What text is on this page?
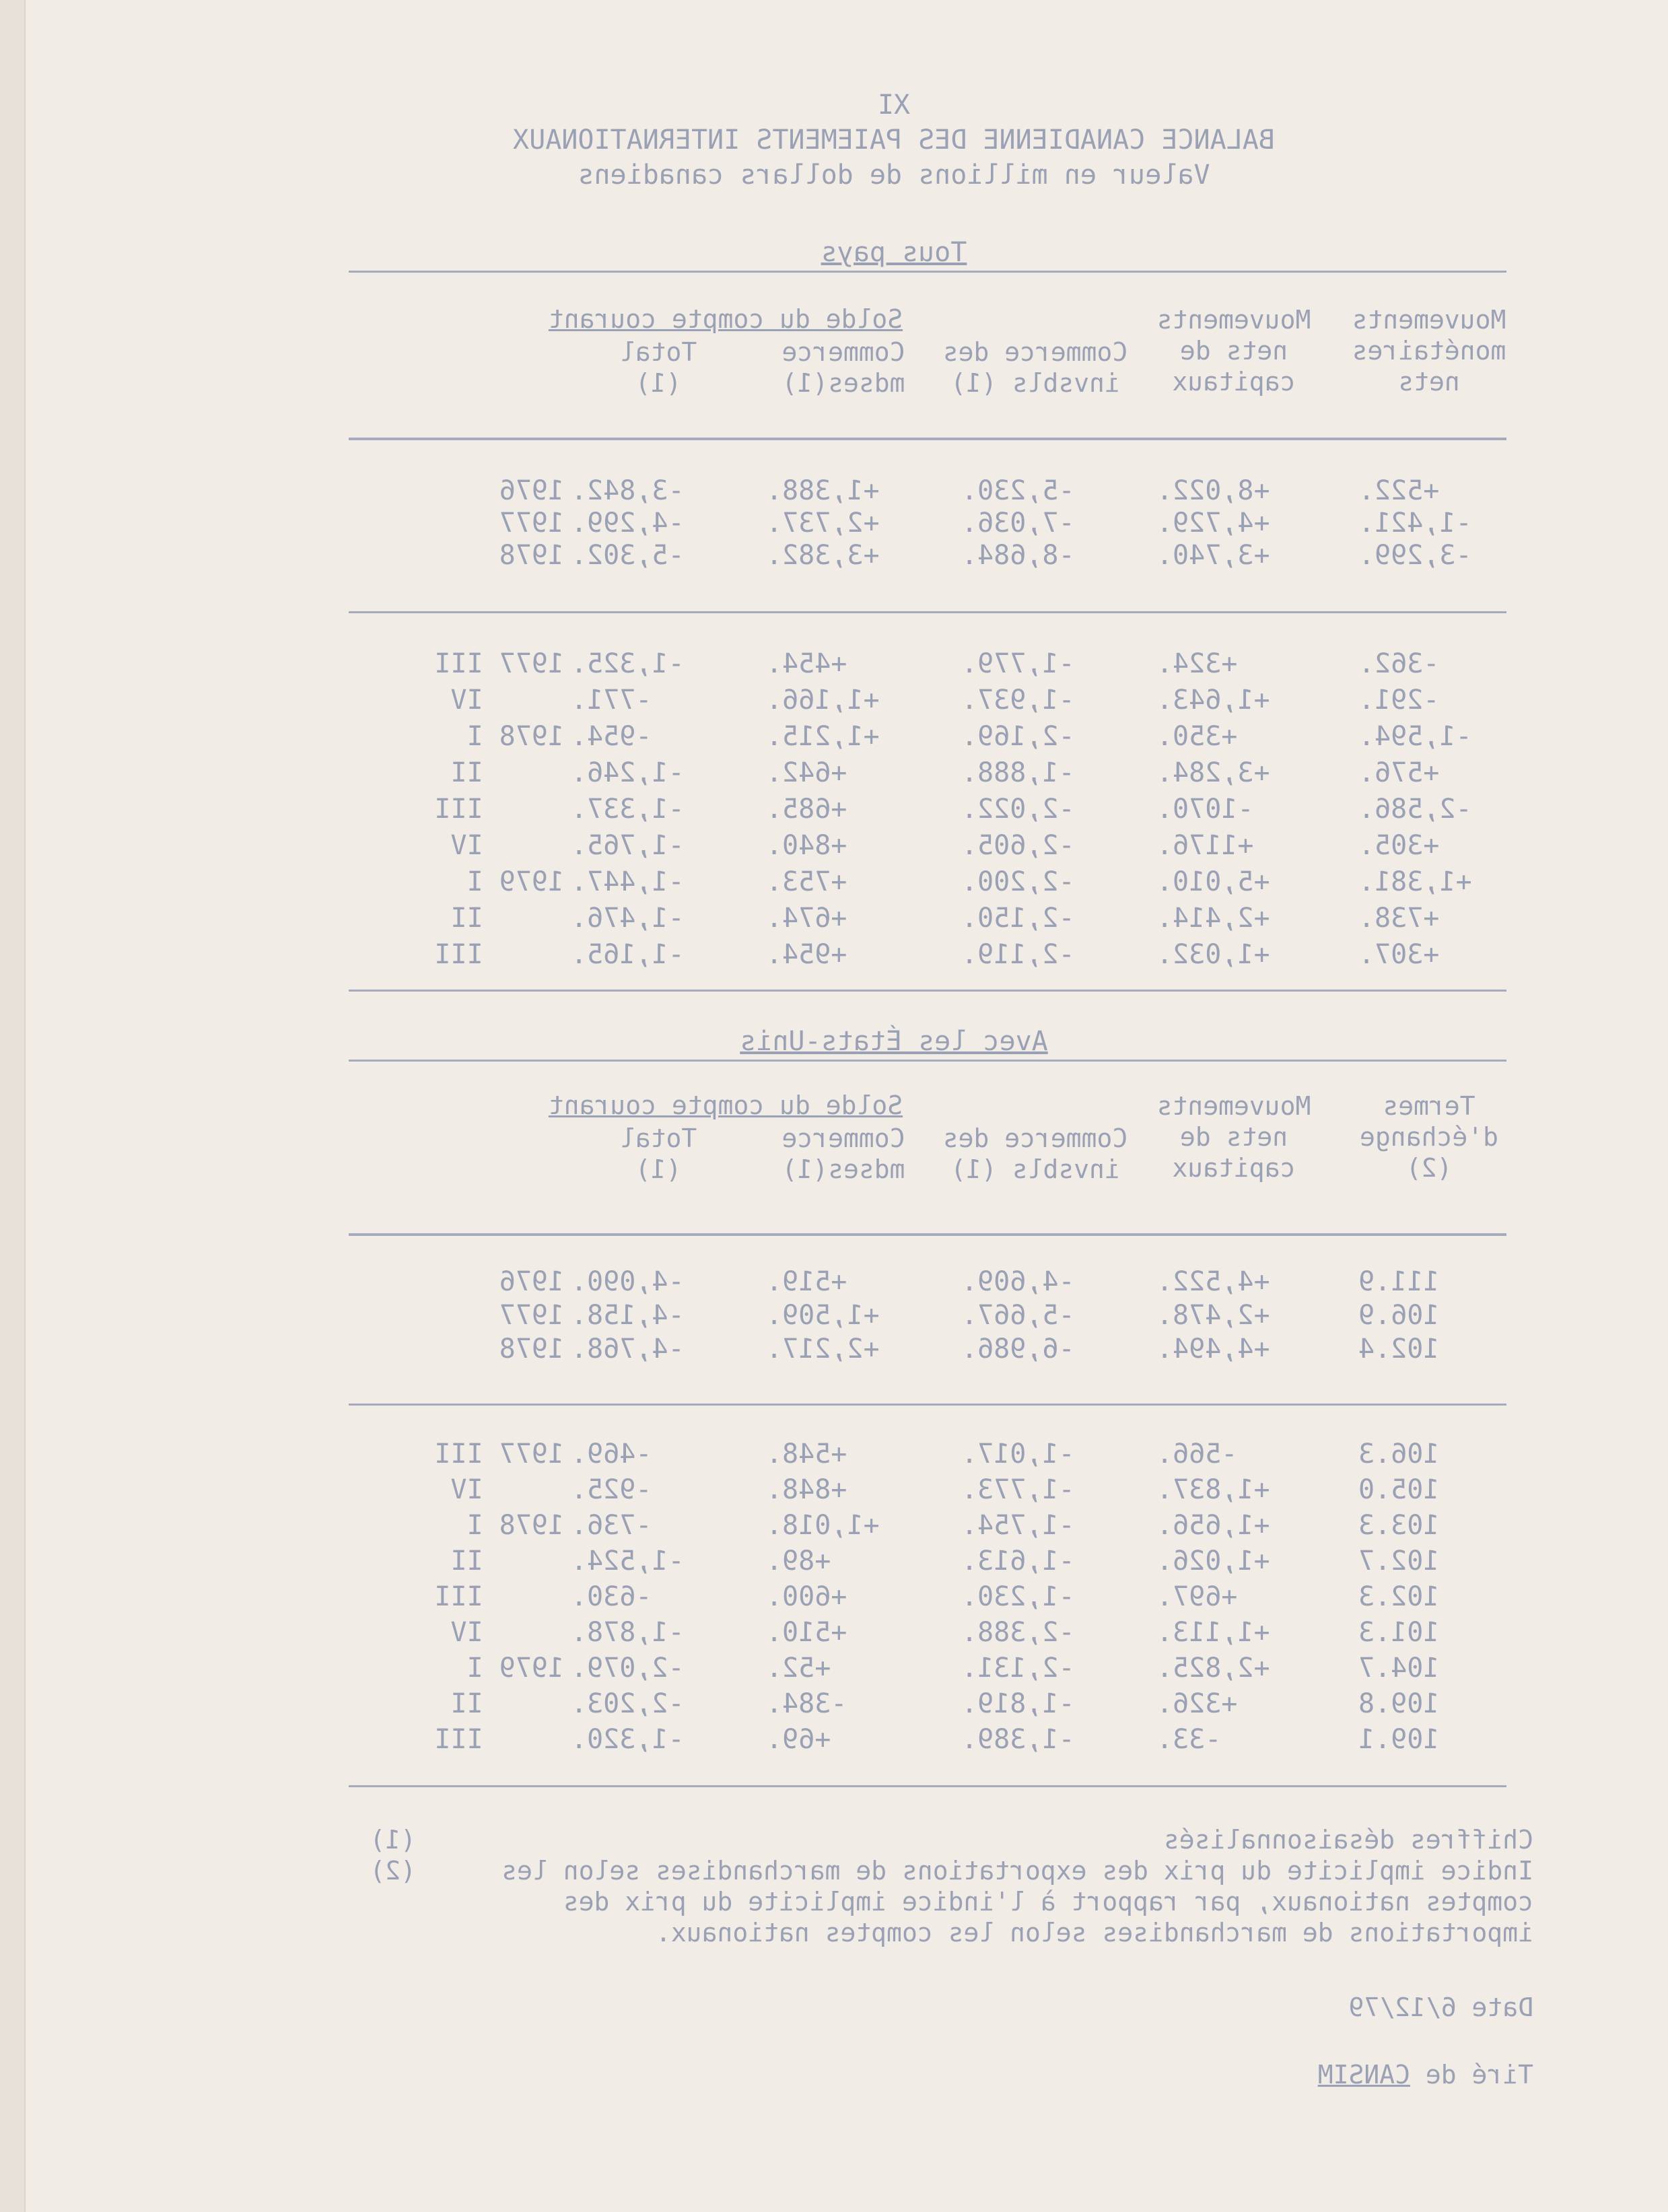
XI
BALANCE CANADIENNE DES PAIEMENTS INTERNATIONAUX
Valeur en millions de dollars canadiens
Tous pays
Solde du compte courant
Total
(1)
Commerce
mdses(1)
Commerce des
invsbls (1)
Mouvements
nets de
capitaux
Mouvements
monétaires
nets
1976 -3,842.	+1,388.	-5,230.	+8,022.	+522.
1977 -4,299.	+2,737.	-7,036.	+4,729.	-1,421.
1978 -5,302.	+3,382.	-8,684.	+3,740.	-3,299.
1977 III -1,325.	+454.	-1,779.	+324.	-362.
IV -771.	+1,166.	-1,937.	+1,643.	-291.
1978 I -954.	+1,215.	-2,169.	+350.	-1,594.
II -1,246.	+642.	-1,888.	+3,284.	+576.
III -1,337.	+685.	-2,022.	-1070.	-2,586.
IV -1,765.	+840.	-2,605.	+1176.	+305.
1979 I -1,447.	+753.	-2,200.	+5,010.	+1,381.
II -1,476.	+674.	-2,150.	+2,414.	+738.
III -1,165.	+954.	-2,119.	+1,032.	+307.
Avec les États-Unis
Solde du compte courant
Total
(1)
Commerce
mdses(1)
Commerce des
invsbls (1)
Mouvements
nets de
capitaux
Termes
d'échange
(2)
1976 -4,090.	+519.	-4,609.	+4,522.	111.9
1977 -4,158.	+1,509.	-5,667.	+2,478.	106.9
1978 -4,768.	+2,217.	-6,986.	+4,494.	102.4
1977 III -469.	+548.	-1,017.	-566.	106.3
IV -925.	+848.	-1,773.	+1,837.	105.0
1978 I -736.	+1,018.	-1,754.	+1,656.	103.3
II -1,524.	+89.	-1,613.	+1,026.	102.7
III -630.	+600.	-1,230.	+697.	102.3
IV -1,878.	+510.	-2,388.	+1,113.	101.3
1979 I -2,079.	+52.	-2,131.	+2,825.	104.7
II -2,203.	-384.	-1,819.	+326.	109.8
III -1,320.	+69.	-1,389.	-33.	109.1
(1)	Chiffres désaisonnalisés
(2)	Indice implicite du prix des exportations de marchandises selon les comptes nationaux, par rapport à l'indice implicite du prix des importations de marchandises selon les comptes nationaux.
Date 6/12/79
Tiré de CANSIM
